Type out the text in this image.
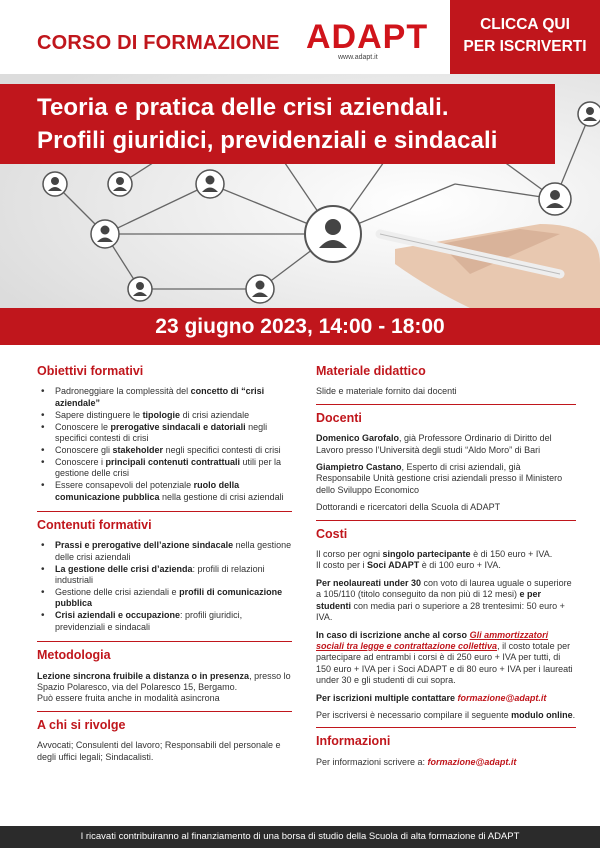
CORSO DI FORMAZIONE ADAPT
www.adapt.it
CLICCA QUI
PER ISCRIVERTI
Teoria e pratica delle crisi aziendali.
Profili giuridici, previdenziali e sindacali
23 giugno 2023, 14:00 - 18:00
Obiettivi formativi
• Padroneggiare la complessità del concetto di “crisi aziendale”
• Sapere distinguere le tipologie di crisi aziendale
• Conoscere le prerogative sindacali e datoriali negli specifici contesti di crisi
• Conoscere gli stakeholder negli specifici contesti di crisi
• Conoscere i principali contenuti contrattuali utili per la gestione delle crisi
• Essere consapevoli del potenziale ruolo della comunicazione pubblica nella gestione di crisi aziendali
Contenuti formativi
• Prassi e prerogative dell’azione sindacale nella gestione delle crisi aziendali
• La gestione delle crisi d’azienda: profili di relazioni industriali
• Gestione delle crisi aziendali e profili di comunicazione pubblica
• Crisi aziendali e occupazione: profili giuridici, previdenziali e sindacali
Metodologia

Lezione sincrona fruibile a distanza o in presenza, presso lo Spazio Polaresco, via del Polaresco 15, Bergamo.
Può essere fruita anche in modalità asincrona

A chi si rivolge

Avvocati; Consulenti del lavoro; Responsabili del personale e degli uffici legali; Sindacalisti.

Materiale didattico

Slide e materiale fornito dai docenti

Docenti

Domenico Garofalo, già Professore Ordinario di Diritto del Lavoro presso l’Università degli studi “Aldo Moro” di Bari

Giampietro Castano, Esperto di crisi aziendali, già Responsabile Unità gestione crisi aziendali presso il Ministero dello Sviluppo Economico

Dottorandi e ricercatori della Scuola di ADAPT

Costi

Il corso per ogni singolo partecipante è di 150 euro + IVA.
Il costo per i Soci ADAPT è di 100 euro + IVA.

Per neolaureati under 30 con voto di laurea uguale o superiore a 105/110 (titolo conseguito da non più di 12 mesi) e per studenti con media pari o superiore a 28 trentesimi: 50 euro + IVA.

In caso di iscrizione anche al corso Gli ammortizzatori sociali tra legge e contrattazione collettiva, il costo totale per partecipare ad entrambi i corsi è di 250 euro + IVA per tutti, di 150 euro + IVA per i Soci ADAPT e di 80 euro + IVA per i laureati under 30 e gli studenti di cui sopra.

Per iscrizioni multiple contattare formazione@adapt.it

Per iscriversi è necessario compilare il seguente modulo online.

Informazioni

Per informazioni scrivere a: formazione@adapt.it

I ricavati contribuiranno al finanziamento di una borsa di studio della Scuola di alta formazione di ADAPT
